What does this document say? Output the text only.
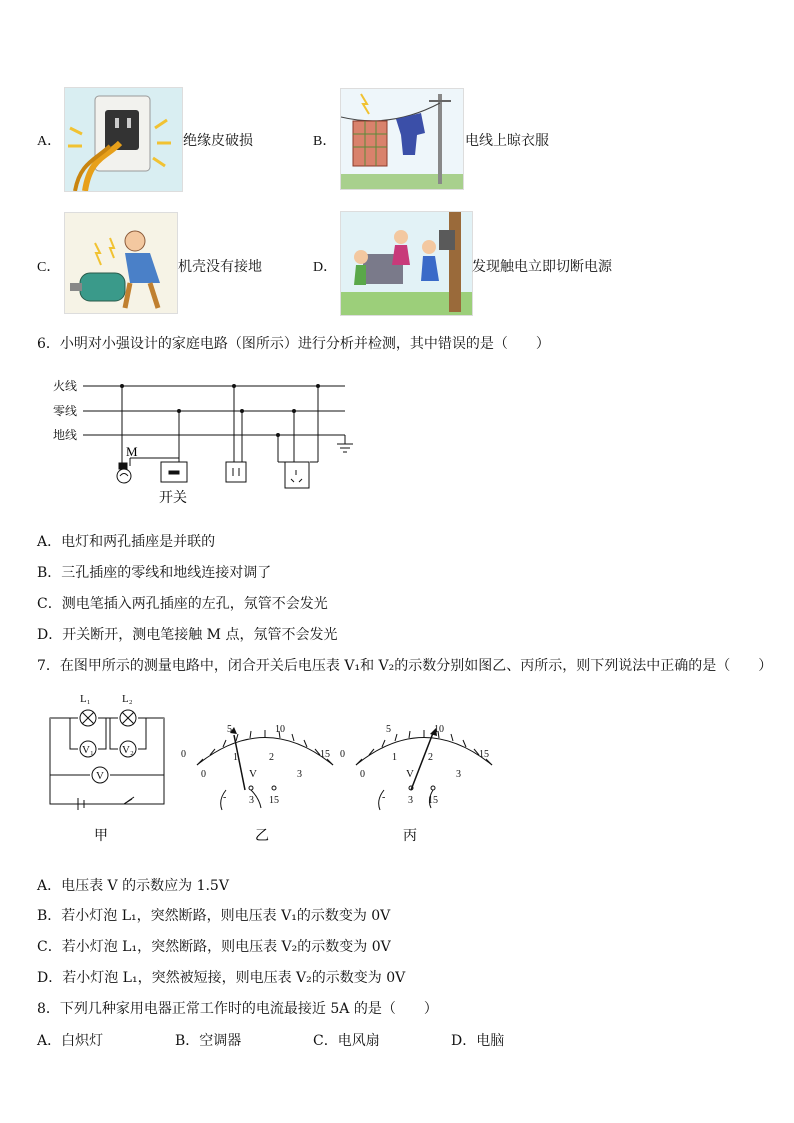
A．	绝缘皮破损	B．	电线上晾衣服
C．	机壳没有接地	D．	发现触电立即切断电源
6．小明对小强设计的家庭电路（图所示）进行分析并检测，其中错误的是（　　）
火线
零线
地线
M
开关
A．电灯和两孔插座是并联的
B．三孔插座的零线和地线连接对调了
C．测电笔插入两孔插座的左孔，氖管不会发光
D．开关断开，测电笔接触 M 点，氖管不会发光
7．在图甲所示的测量电路中，闭合开关后电压表 V₁和 V₂的示数分别如图乙、丙所示，则下列说法中正确的是（　　）
L₁	L₂
V₁	V₂
V
甲
0
5	10
15
0
1	2
3
V
- 3 15
乙
0
5	10
15
0
1	2
3
V
- 3 15
丙
A．电压表 V 的示数应为 1.5V
B．若小灯泡 L₁，突然断路，则电压表 V₁的示数变为 0V
C．若小灯泡 L₁，突然断路，则电压表 V₂的示数变为 0V
D．若小灯泡 L₁，突然被短接，则电压表 V₂的示数变为 0V
8．下列几种家用电器正常工作时的电流最接近 5A 的是（　　）
A．白炽灯	B．空调器	C．电风扇	D．电脑
